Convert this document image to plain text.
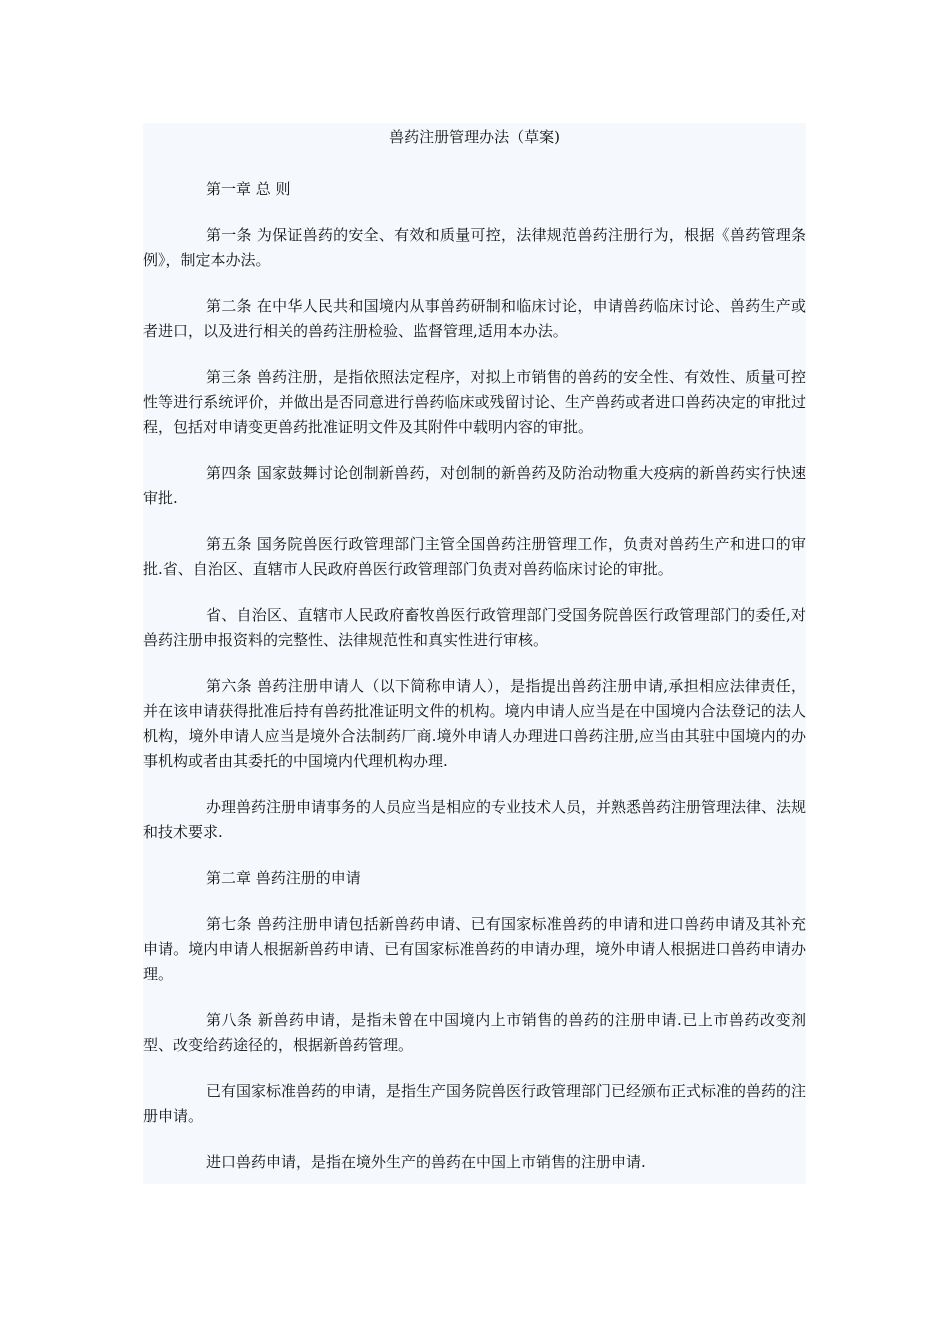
兽药注册管理办法（草案)

第一章 总 则

第一条 为保证兽药的安全、有效和质量可控，法律规范兽药注册行为，根据《兽药管理条例》，制定本办法。

第二条 在中华人民共和国境内从事兽药研制和临床讨论，申请兽药临床讨论、兽药生产或者进口，以及进行相关的兽药注册检验、监督管理,适用本办法。

第三条 兽药注册，是指依照法定程序，对拟上市销售的兽药的安全性、有效性、质量可控性等进行系统评价，并做出是否同意进行兽药临床或残留讨论、生产兽药或者进口兽药决定的审批过程，包括对申请变更兽药批准证明文件及其附件中载明内容的审批。

第四条 国家鼓舞讨论创制新兽药，对创制的新兽药及防治动物重大疫病的新兽药实行快速审批.

第五条 国务院兽医行政管理部门主管全国兽药注册管理工作，负责对兽药生产和进口的审批.省、自治区、直辖市人民政府兽医行政管理部门负责对兽药临床讨论的审批。

省、自治区、直辖市人民政府畜牧兽医行政管理部门受国务院兽医行政管理部门的委任,对兽药注册申报资料的完整性、法律规范性和真实性进行审核。

第六条 兽药注册申请人（以下简称申请人），是指提出兽药注册申请,承担相应法律责任，并在该申请获得批准后持有兽药批准证明文件的机构。境内申请人应当是在中国境内合法登记的法人机构，境外申请人应当是境外合法制药厂商.境外申请人办理进口兽药注册,应当由其驻中国境内的办事机构或者由其委托的中国境内代理机构办理.

办理兽药注册申请事务的人员应当是相应的专业技术人员，并熟悉兽药注册管理法律、法规和技术要求.

第二章 兽药注册的申请

第七条 兽药注册申请包括新兽药申请、已有国家标准兽药的申请和进口兽药申请及其补充申请。境内申请人根据新兽药申请、已有国家标准兽药的申请办理，境外申请人根据进口兽药申请办理。

第八条 新兽药申请，是指未曾在中国境内上市销售的兽药的注册申请.已上市兽药改变剂型、改变给药途径的，根据新兽药管理。

已有国家标准兽药的申请，是指生产国务院兽医行政管理部门已经颁布正式标准的兽药的注册申请。

进口兽药申请，是指在境外生产的兽药在中国上市销售的注册申请.
